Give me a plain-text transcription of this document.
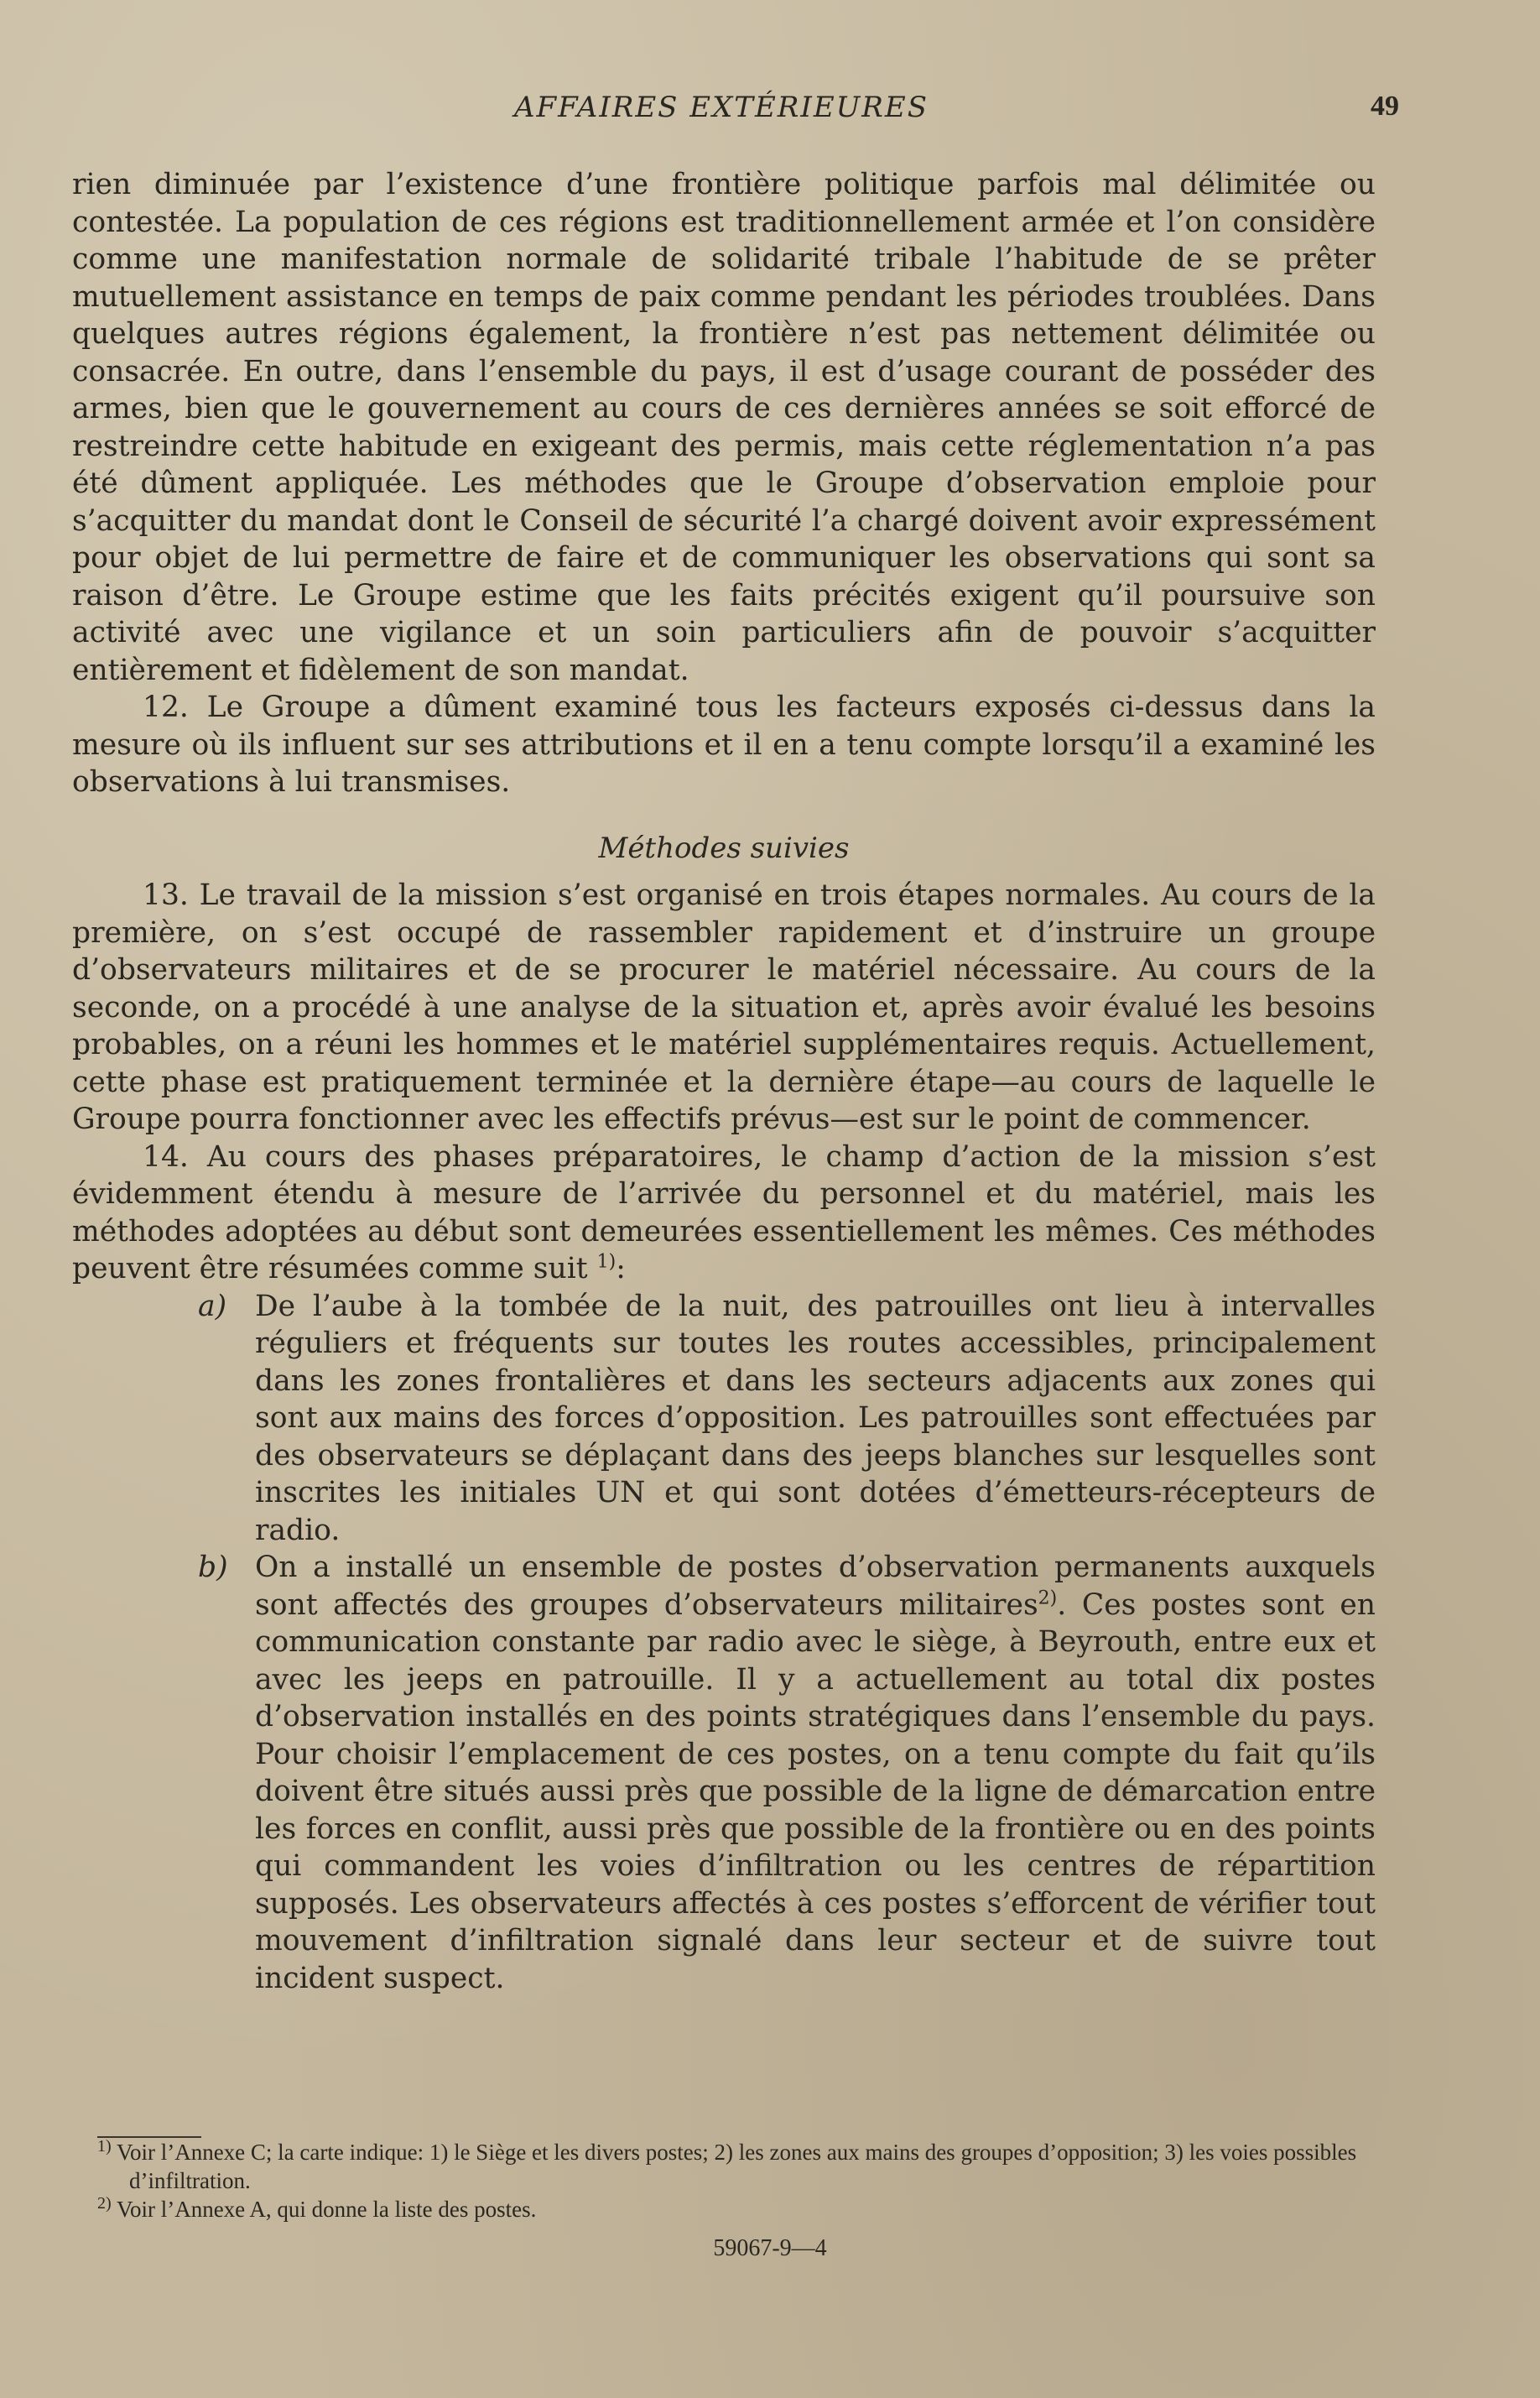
AFFAIRES EXTÉRIEURES	49

rien diminuée par l’existence d’une frontière politique parfois mal délimitée ou contestée. La population de ces régions est traditionnellement armée et l’on considère comme une manifestation normale de solidarité tribale l’habitude de se prêter mutuellement assistance en temps de paix comme pendant les périodes troublées. Dans quelques autres régions également, la frontière n’est pas nettement délimitée ou consacrée. En outre, dans l’ensemble du pays, il est d’usage courant de posséder des armes, bien que le gouvernement au cours de ces dernières années se soit efforcé de restreindre cette habitude en exigeant des permis, mais cette réglementation n’a pas été dûment appliquée. Les méthodes que le Groupe d’observation emploie pour s’acquitter du mandat dont le Conseil de sécurité l’a chargé doivent avoir expressément pour objet de lui permettre de faire et de communiquer les observations qui sont sa raison d’être. Le Groupe estime que les faits précités exigent qu’il poursuive son activité avec une vigilance et un soin particuliers afin de pouvoir s’acquitter entièrement et fidèlement de son mandat.

12. Le Groupe a dûment examiné tous les facteurs exposés ci-dessus dans la mesure où ils influent sur ses attributions et il en a tenu compte lorsqu’il a examiné les observations à lui transmises.

Méthodes suivies

13. Le travail de la mission s’est organisé en trois étapes normales. Au cours de la première, on s’est occupé de rassembler rapidement et d’instruire un groupe d’observateurs militaires et de se procurer le matériel nécessaire. Au cours de la seconde, on a procédé à une analyse de la situation et, après avoir évalué les besoins probables, on a réuni les hommes et le matériel supplémentaires requis. Actuellement, cette phase est pratiquement terminée et la dernière étape—au cours de laquelle le Groupe pourra fonctionner avec les effectifs prévus—est sur le point de commencer.

14. Au cours des phases préparatoires, le champ d’action de la mission s’est évidemment étendu à mesure de l’arrivée du personnel et du matériel, mais les méthodes adoptées au début sont demeurées essentiellement les mêmes. Ces méthodes peuvent être résumées comme suit $^{1)}$:

a) De l’aube à la tombée de la nuit, des patrouilles ont lieu à intervalles réguliers et fréquents sur toutes les routes accessibles, principalement dans les zones frontalières et dans les secteurs adjacents aux zones qui sont aux mains des forces d’opposition. Les patrouilles sont effectuées par des observateurs se déplaçant dans des jeeps blanches sur lesquelles sont inscrites les initiales UN et qui sont dotées d’émetteurs-récepteurs de radio.
b) On a installé un ensemble de postes d’observation permanents auxquels sont affectés des groupes d’observateurs militaires$^{2)}$. Ces postes sont en communication constante par radio avec le siège, à Beyrouth, entre eux et avec les jeeps en patrouille. Il y a actuellement au total dix postes d’observation installés en des points stratégiques dans l’ensemble du pays. Pour choisir l’emplacement de ces postes, on a tenu compte du fait qu’ils doivent être situés aussi près que possible de la ligne de démarcation entre les forces en conflit, aussi près que possible de la frontière ou en des points qui commandent les voies d’infiltration ou les centres de répartition supposés. Les observateurs affectés à ces postes s’efforcent de vérifier tout mouvement d’infiltration signalé dans leur secteur et de suivre tout incident suspect.

$^{1)}$ Voir l’Annexe C; la carte indique: 1) le Siège et les divers postes; 2) les zones aux mains des groupes d’opposition; 3) les voies possibles d’infiltration.

$^{2)}$ Voir l’Annexe A, qui donne la liste des postes.

59067-9—4
